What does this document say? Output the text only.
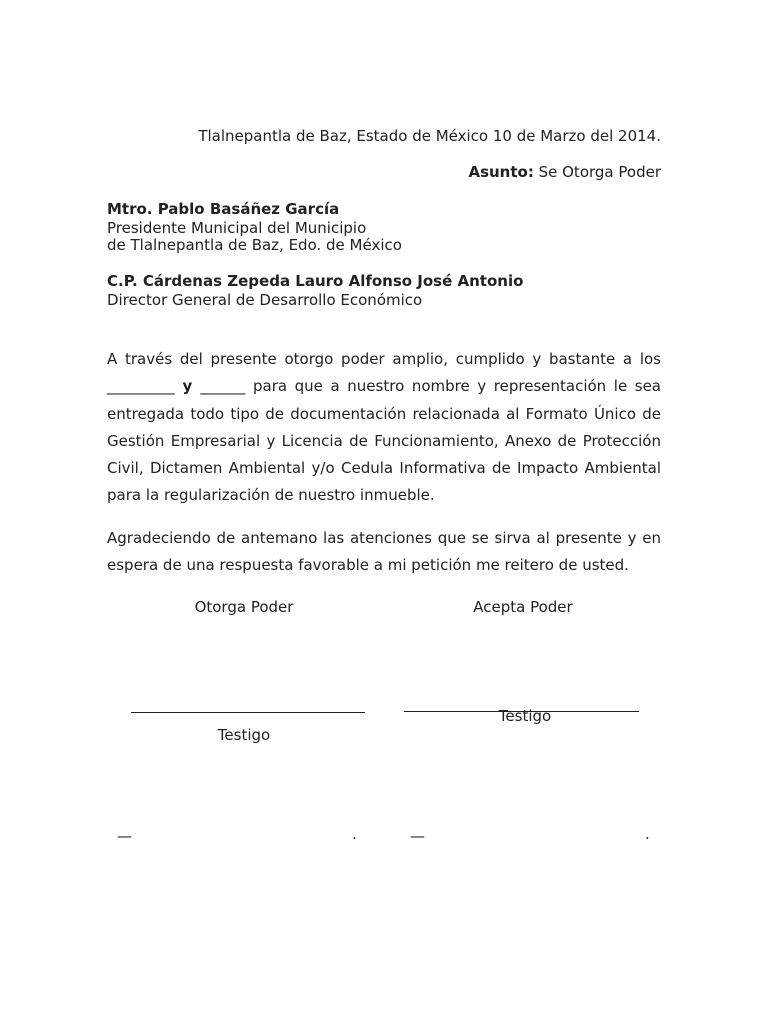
Tlalnepantla de Baz, Estado de México 10 de Marzo del 2014.

Asunto: Se Otorga Poder

Mtro. Pablo Basáñez García

Presidente Municipal del Municipio

de Tlalnepantla de Baz, Edo. de México

C.P. Cárdenas Zepeda Lauro Alfonso José Antonio

Director General de Desarrollo Económico

A través del presente otorgo poder amplio, cumplido y bastante a los _________ y ______ para que a nuestro nombre y representación le sea entregada todo tipo de documentación relacionada al Formato Único de Gestión Empresarial y Licencia de Funcionamiento, Anexo de Protección Civil, Dictamen Ambiental y/o Cedula Informativa de Impacto Ambiental para la regularización de nuestro inmueble.

Agradeciendo de antemano las atenciones que se sirva al presente y en espera de una respuesta favorable a mi petición me reitero de usted.

Otorga Poder	Acepta Poder

Testigo

Testigo

—	.	—	.
